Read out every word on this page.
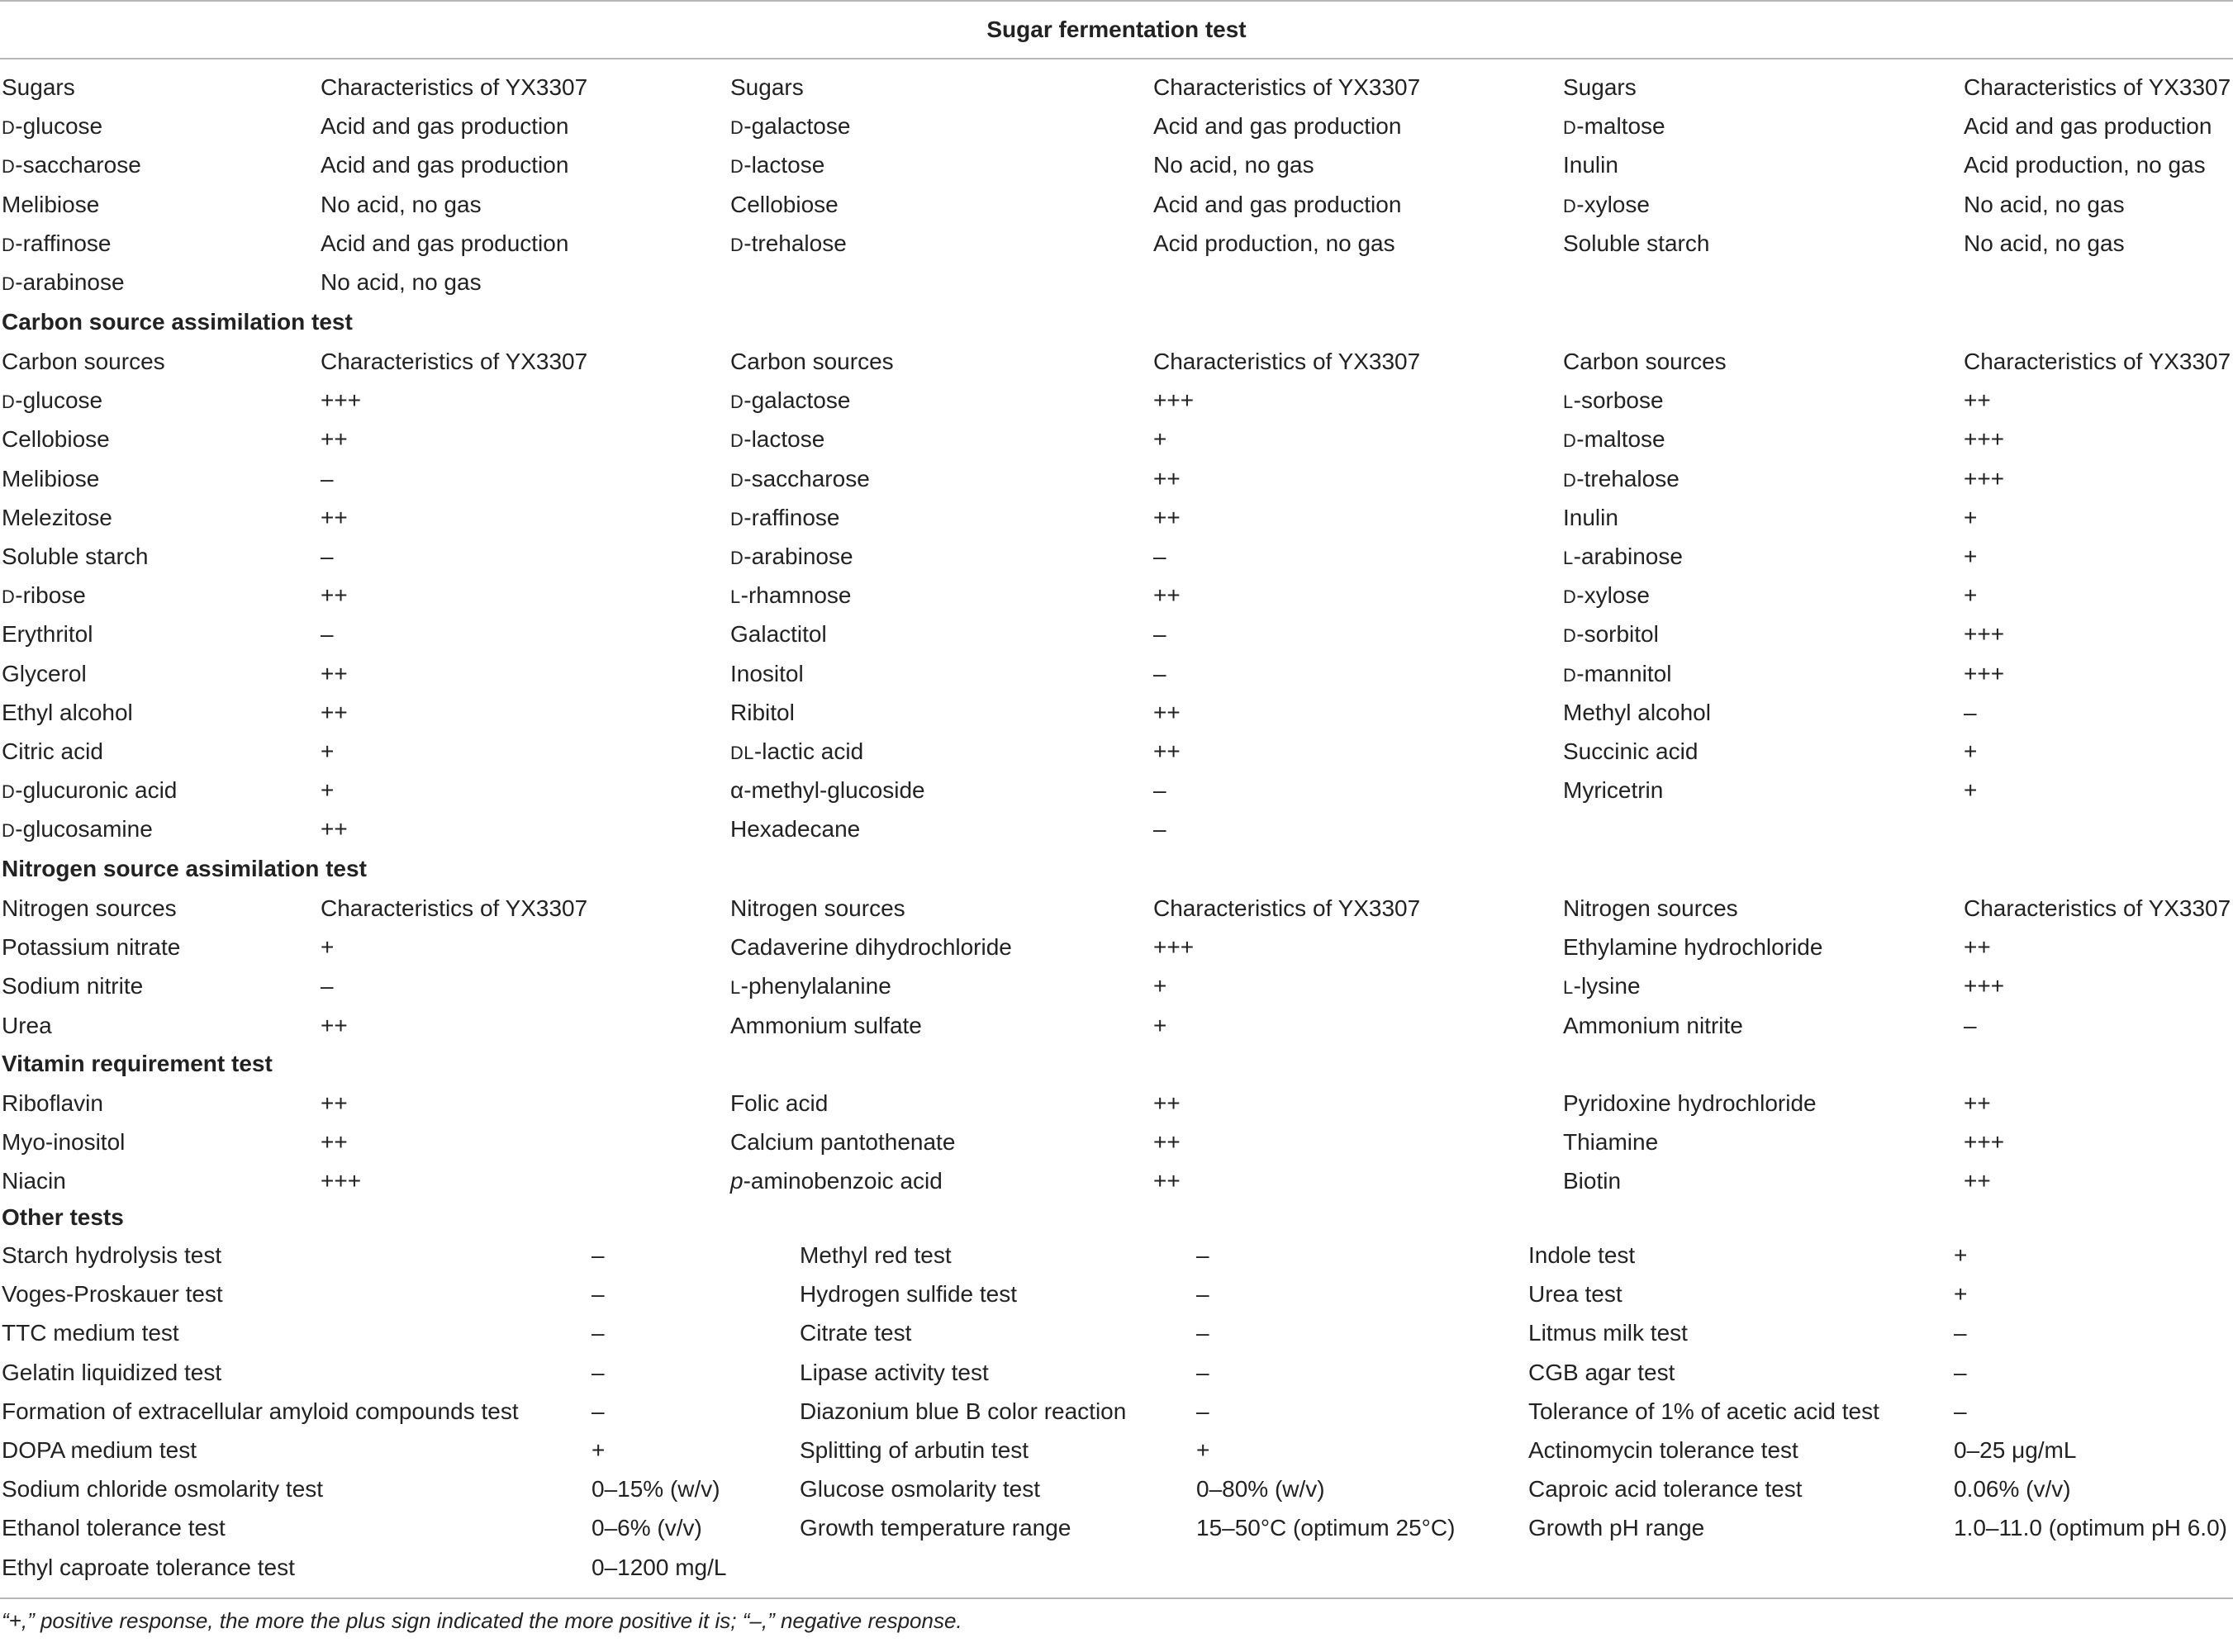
Sugar fermentation test
Sugars	Characteristics of YX3307	Sugars	Characteristics of YX3307	Sugars	Characteristics of YX3307
D-glucose	Acid and gas production	D-galactose	Acid and gas production	D-maltose	Acid and gas production
D-saccharose	Acid and gas production	D-lactose	No acid, no gas	Inulin	Acid production, no gas
Melibiose	No acid, no gas	Cellobiose	Acid and gas production	D-xylose	No acid, no gas
D-raffinose	Acid and gas production	D-trehalose	Acid production, no gas	Soluble starch	No acid, no gas
D-arabinose	No acid, no gas
Carbon source assimilation test
Carbon sources	Characteristics of YX3307	Carbon sources	Characteristics of YX3307	Carbon sources	Characteristics of YX3307
D-glucose	+++	D-galactose	+++	L-sorbose	++
Cellobiose	++	D-lactose	+	D-maltose	+++
Melibiose	–	D-saccharose	++	D-trehalose	+++
Melezitose	++	D-raffinose	++	Inulin	+
Soluble starch	–	D-arabinose	–	L-arabinose	+
D-ribose	++	L-rhamnose	++	D-xylose	+
Erythritol	–	Galactitol	–	D-sorbitol	+++
Glycerol	++	Inositol	–	D-mannitol	+++
Ethyl alcohol	++	Ribitol	++	Methyl alcohol	–
Citric acid	+	DL-lactic acid	++	Succinic acid	+
D-glucuronic acid	+	α-methyl-glucoside	–	Myricetrin	+
D-glucosamine	++	Hexadecane	–
Nitrogen source assimilation test
Nitrogen sources	Characteristics of YX3307	Nitrogen sources	Characteristics of YX3307	Nitrogen sources	Characteristics of YX3307
Potassium nitrate	+	Cadaverine dihydrochloride	+++	Ethylamine hydrochloride	++
Sodium nitrite	–	L-phenylalanine	+	L-lysine	+++
Urea	++	Ammonium sulfate	+	Ammonium nitrite	–
Vitamin requirement test
Riboflavin	++	Folic acid	++	Pyridoxine hydrochloride	++
Myo-inositol	++	Calcium pantothenate	++	Thiamine	+++
Niacin	+++	p-aminobenzoic acid	++	Biotin	++
Other tests
Starch hydrolysis test	–	Methyl red test	–	Indole test	+
Voges-Proskauer test	–	Hydrogen sulfide test	–	Urea test	+
TTC medium test	–	Citrate test	–	Litmus milk test	–
Gelatin liquidized test	–	Lipase activity test	–	CGB agar test	–
Formation of extracellular amyloid compounds test	–	Diazonium blue B color reaction	–	Tolerance of 1% of acetic acid test	–
DOPA medium test	+	Splitting of arbutin test	+	Actinomycin tolerance test	0–25 μg/mL
Sodium chloride osmolarity test	0–15% (w/v)	Glucose osmolarity test	0–80% (w/v)	Caproic acid tolerance test	0.06% (v/v)
Ethanol tolerance test	0–6% (v/v)	Growth temperature range	15–50°C (optimum 25°C)	Growth pH range	1.0–11.0 (optimum pH 6.0)
Ethyl caproate tolerance test	0–1200 mg/L
“+,” positive response, the more the plus sign indicated the more positive it is; “–,” negative response.
